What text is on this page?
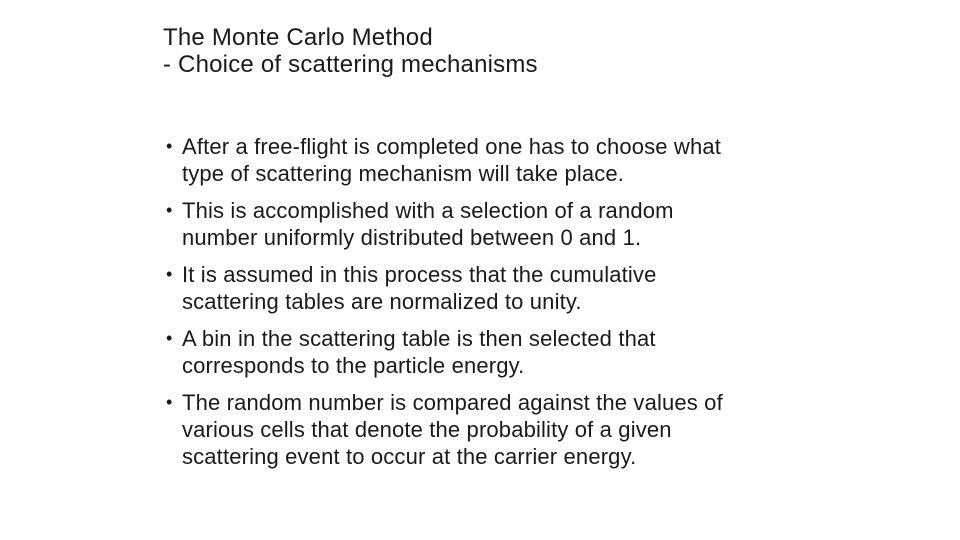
The Monte Carlo Method
- Choice of scattering mechanisms
• After a free-flight is completed one has to choose what
type of scattering mechanism will take place.
• This is accomplished with a selection of a random
number uniformly distributed between 0 and 1.
• It is assumed in this process that the cumulative
scattering tables are normalized to unity.
• A bin in the scattering table is then selected that
corresponds to the particle energy.
• The random number is compared against the values of
various cells that denote the probability of a given
scattering event to occur at the carrier energy.
